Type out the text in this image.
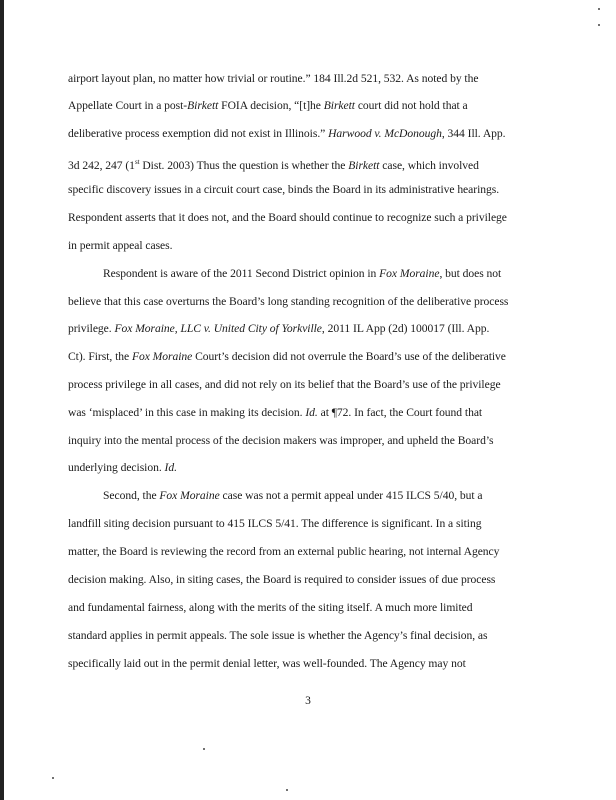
airport layout plan, no matter how trivial or routine.” 184 Ill.2d 521, 532. As noted by the
Appellate Court in a post-Birkett FOIA decision, “[t]he Birkett court did not hold that a
deliberative process exemption did not exist in Illinois.” Harwood v. McDonough, 344 Ill. App.
3d 242, 247 (1st Dist. 2003) Thus the question is whether the Birkett case, which involved
specific discovery issues in a circuit court case, binds the Board in its administrative hearings.
Respondent asserts that it does not, and the Board should continue to recognize such a privilege
in permit appeal cases.
Respondent is aware of the 2011 Second District opinion in Fox Moraine, but does not
believe that this case overturns the Board’s long standing recognition of the deliberative process
privilege. Fox Moraine, LLC v. United City of Yorkville, 2011 IL App (2d) 100017 (Ill. App.
Ct). First, the Fox Moraine Court’s decision did not overrule the Board’s use of the deliberative
process privilege in all cases, and did not rely on its belief that the Board’s use of the privilege
was ‘misplaced’ in this case in making its decision. Id. at ¶72. In fact, the Court found that
inquiry into the mental process of the decision makers was improper, and upheld the Board’s
underlying decision. Id.
Second, the Fox Moraine case was not a permit appeal under 415 ILCS 5/40, but a
landfill siting decision pursuant to 415 ILCS 5/41. The difference is significant. In a siting
matter, the Board is reviewing the record from an external public hearing, not internal Agency
decision making. Also, in siting cases, the Board is required to consider issues of due process
and fundamental fairness, along with the merits of the siting itself. A much more limited
standard applies in permit appeals. The sole issue is whether the Agency’s final decision, as
specifically laid out in the permit denial letter, was well-founded. The Agency may not
3
